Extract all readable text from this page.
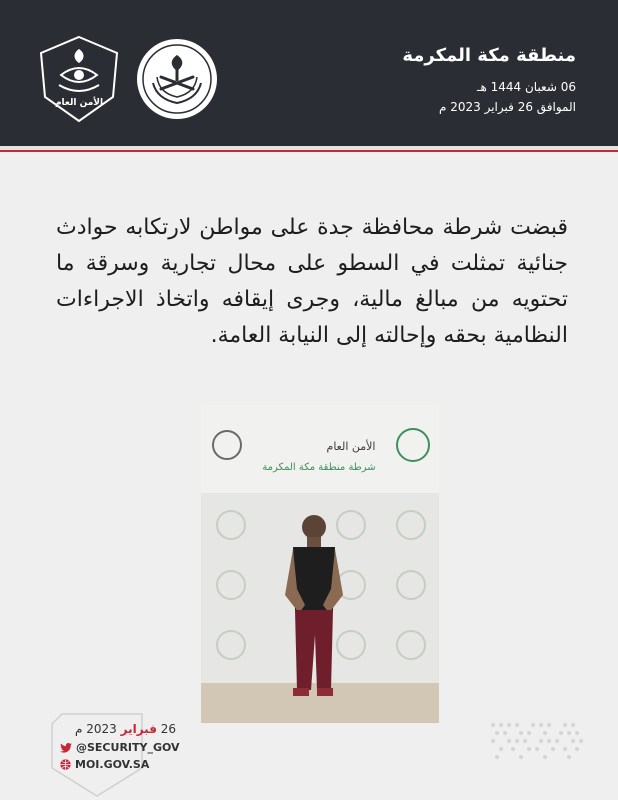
منطقة مكة المكرمة
06 شعبان 1444 هـ
الموافق 26 فبراير 2023 م
الأمن العام
قبضت شرطة محافظة جدة على مواطن لارتكابه حوادث جنائية تمثلت في السطو على محال تجارية وسرقة ما تحتويه من مبالغ مالية، وجرى إيقافه واتخاذ الاجراءات النظامية بحقه وإحالته إلى النيابة العامة.
الأمن العام
شرطة منطقة مكة المكرمة
26 فبراير 2023 م
@SECURITY_GOV
MOI.GOV.SA
